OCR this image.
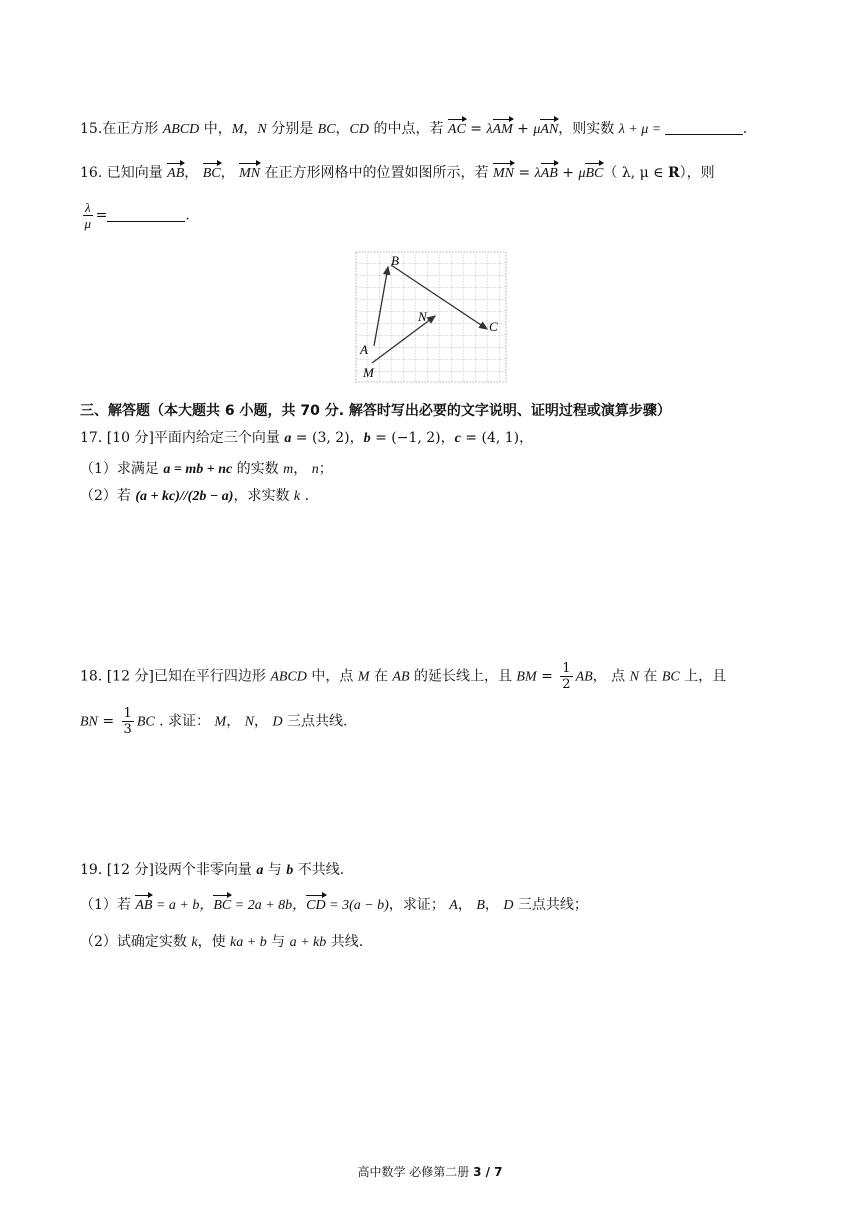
15.在正方形 ABCD 中，M，N 分别是 BC，CD 的中点，若 AC = λAM + μAN，则实数 λ + μ =	.
16. 已知向量 AB， BC， MN 在正方形网格中的位置如图所示，若 MN = λAB + μBC（ λ, μ ∈ R），则
$\frac{\lambda}{\mu}$ =	.
B
C
A
M
N
三、解答题（本大题共 6 小题，共 70 分. 解答时写出必要的文字说明、证明过程或演算步骤）
17. [10 分]平面内给定三个向量 a = (3, 2)，b = (−1, 2)，c = (4, 1)，
（1）求满足 a = mb + nc 的实数 m， n；
（2）若 (a + kc)//(2b − a)，求实数 k .
18. [12 分]已知在平行四边形 ABCD 中，点 M 在 AB 的延长线上，且 BM = $\frac{1}{2}$ AB， 点 N 在 BC 上，且
BN = $\frac{1}{3}$ BC . 求证： M， N， D 三点共线.
19. [12 分]设两个非零向量 a 与 b 不共线.
（1）若 AB = a + b，BC = 2a + 8b，CD = 3(a − b)，求证； A， B， D 三点共线；
（2）试确定实数 k，使 ka + b 与 a + kb 共线.
高中数学 必修第二册 3 / 7
